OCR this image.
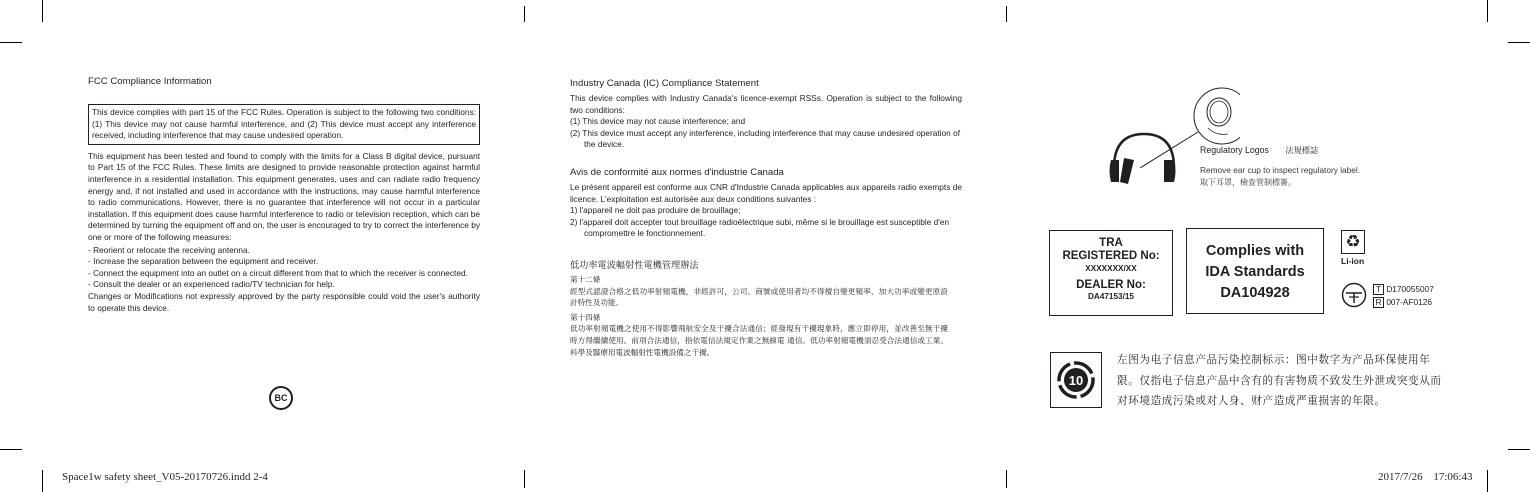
FCC Compliance Information

This device complies with part 15 of the FCC Rules. Operation is subject to the following two conditions: (1) This device may not cause harmful interference, and (2) This device must accept any interference received, including interference that may cause undesired operation.

This equipment has been tested and found to comply with the limits for a Class B digital device, pursuant to Part 15 of the FCC Rules. These limits are designed to provide reasonable protection against harmful interference in a residential installation. This equipment generates, uses and can radiate radio frequency energy and, if not installed and used in accordance with the instructions, may cause harmful interference to radio communications. However, there is no guarantee that interference will not occur in a particular installation. If this equipment does cause harmful interference to radio or television reception, which can be determined by turning the equipment off and on, the user is encouraged to try to correct the interference by one or more of the following measures:

- Reorient or relocate the receiving antenna.
- Increase the separation between the equipment and receiver.
- Connect the equipment into an outlet on a circuit different from that to which the receiver is connected.
- Consult the dealer or an experienced radio/TV technician for help.

Changes or Modifications not expressly approved by the party responsible could void the user's authority to operate this device.

BC
Industry Canada (IC) Compliance Statement

This device complies with Industry Canada's licence-exempt RSSs. Operation is subject to the following two conditions:

(1) This device may not cause interference; and
(2) This device must accept any interference, including interference that may cause undesired operation of the device.
Avis de conformité aux normes d'industrie Canada

Le présent appareil est conforme aux CNR d'Industrie Canada applicables aux appareils radio exempts de licence. L'exploitation est autorisée aux deux conditions suivantes :

1) l'appareil ne doit pas produire de brouillage;
2) l'appareil doit accepter tout brouillage radioélectrique subi, même si le brouillage est susceptible d'en compromettre le fonctionnement.
低功率電波輻射性電機管理辦法

第十二條

經型式認證合格之低功率射頻電機，非經許可，公司、商號或使用者均不得擅自變更頻率、加大功率或變更原設計特性及功能。

第十四條

低功率射頻電機之使用不得影響飛航安全及干擾合法通信；經發現有干擾現象時，應立即停用，並改善至無干擾時方得繼續使用。前項合法通信，指依電信法規定作業之無線電 通信。低功率射頻電機須忍受合法通信或工業、科學及醫療用電波輻射性電機設備之干擾。

Regulatory Logos 法規標誌
Remove ear cup to inspect regulatory label.
取下耳罩，檢查管制標簽。
TRA
REGISTERED No:
XXXXXXX/XX
DEALER No:
DA47153/15
Complies with
IDA Standards
DA104928
♻
Li-ion
T D170055007
R 007-AF0126
10
左图为电子信息产品污染控制标示：图中数字为产品环保使用年限。仅指电子信息产品中含有的有害物质不致发生外泄或突变从而对环境造成污染或对人身、财产造成严重损害的年限。
Space1w safety sheet_V05-20170726.indd 2-4	2017/7/26 17:06:43
